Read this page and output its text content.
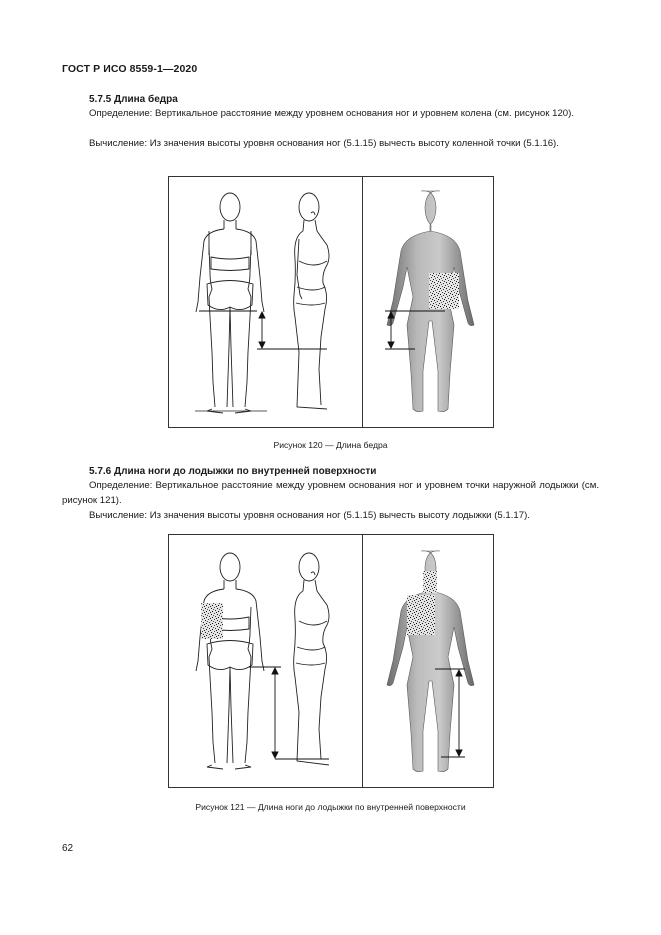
ГОСТ Р ИСО 8559-1—2020
5.7.5 Длина бедра
Определение: Вертикальное расстояние между уровнем основания ног и уровнем колена (см. рисунок 120).
Вычисление: Из значения высоты уровня основания ног (5.1.15) вычесть высоту коленной точки (5.1.16).
Рисунок 120 — Длина бедра
5.7.6 Длина ноги до лодыжки по внутренней поверхности
Определение: Вертикальное расстояние между уровнем основания ног и уровнем точки наружной лодыжки (см. рисунок 121).
Вычисление: Из значения высоты уровня основания ног (5.1.15) вычесть высоту лодыжки (5.1.17).
Рисунок 121 — Длина ноги до лодыжки по внутренней поверхности
62
